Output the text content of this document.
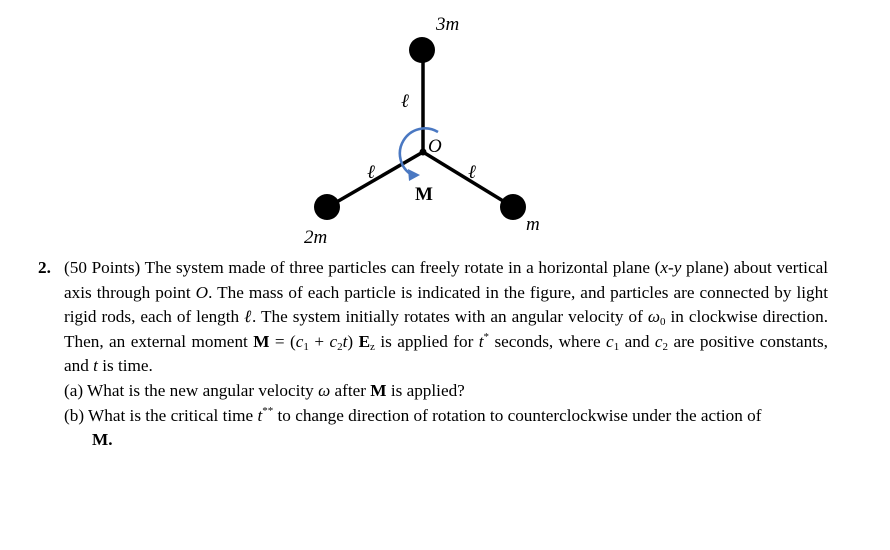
3m
2m
m
ℓ
ℓ	ℓ
O
M
2. (50 Points) The system made of three particles can freely rotate in a horizontal plane (x-y plane) about vertical axis through point O. The mass of each particle is indicated in the figure, and particles are connected by light rigid rods, each of length ℓ. The system initially rotates with an angular velocity of $\omega_0$ in clockwise direction. Then, an external moment $M = (c_1 + c_2t)$ $E_z$ is applied for t* seconds, where $c_1$ and $c_2$ are positive constants, and t is time.
(a) What is the new angular velocity ω after M is applied?
(b) What is the critical time t** to change direction of rotation to counterclockwise under the action of
M.
